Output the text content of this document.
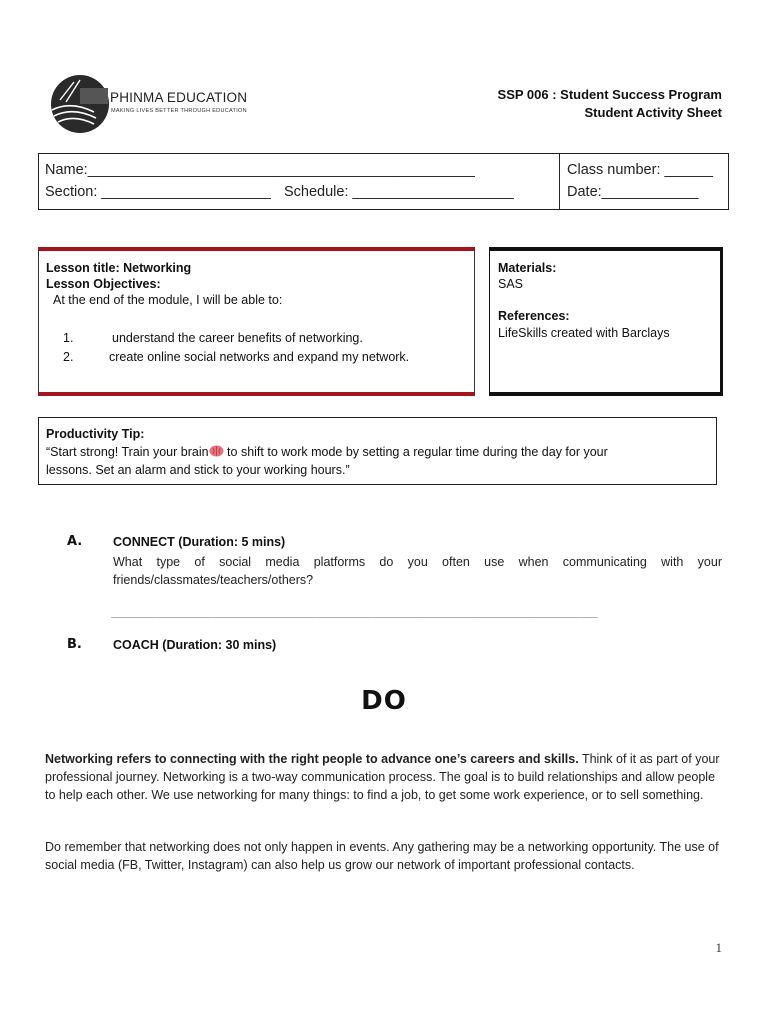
PHINMA EDUCATION
MAKING LIVES BETTER THROUGH EDUCATION
SSP 006 : Student Success Program
Student Activity Sheet
Name:________________________________________________
Section: _____________________ Schedule: ____________________
Class number: ______
Date:____________
Lesson title: Networking
Lesson Objectives:
At the end of the module, I will be able to:
1.	understand the career benefits of networking.
2.	create online social networks and expand my network.
Materials:
SAS
References:
LifeSkills created with Barclays
Productivity Tip:
“Start strong! Train your brain to shift to work mode by setting a regular time during the day for your
lessons. Set an alarm and stick to your working hours.”
A. CONNECT (Duration: 5 mins)
What type of social media platforms do you often use when communicating with your friends/classmates/teachers/others?
______________________________________________________________________
B. COACH (Duration: 30 mins)
DO
Networking refers to connecting with the right people to advance one’s careers and skills. Think of it as part of your professional journey. Networking is a two-way communication process. The goal is to build relationships and allow people to help each other. We use networking for many things: to find a job, to get some work experience, or to sell something.
Do remember that networking does not only happen in events. Any gathering may be a networking opportunity. The use of social media (FB, Twitter, Instagram) can also help us grow our network of important professional contacts.
1
